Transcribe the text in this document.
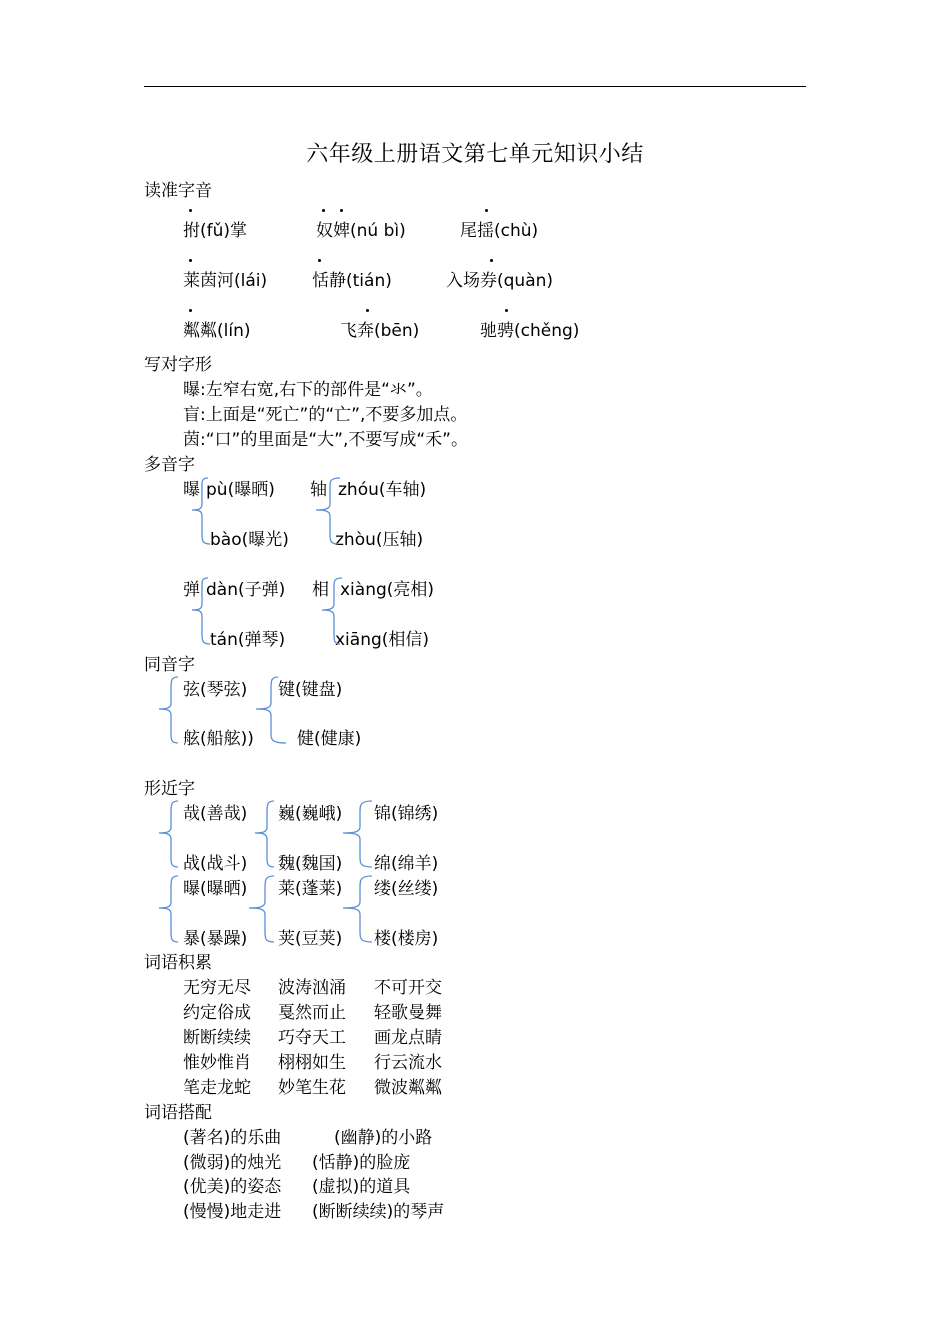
六年级上册语文第七单元知识小结
读准字音
拊(fǔ)掌	奴婢(nú bì)	尾揺(chù)
莱茵河(lái)	恬静(tián)	入场券(quàn)
粼粼(lín)	飞奔(bēn)	驰骋(chěng)
写对字形
曝:左窄右宽,右下的部件是“氺”。
盲:上面是“死亡”的“亡”,不要多加点。
茵:“口”的里面是“大”,不要写成“禾”。
多音字
曝 pù(曝晒)
bào(曝光)
轴 zhóu(车轴)
zhòu(压轴)
弹 dàn(子弹)
tán(弹琴)
相 xiàng(亮相)
xiāng(相信)
同音字
弦(琴弦)
舷(船舷))
键(键盘)
健(健康)
形近字
哉(善哉) 巍(巍峨) 锦(锦绣)
战(战斗) 魏(魏国) 绵(绵羊)
曝(曝晒) 莱(蓬莱) 缕(丝缕)
暴(暴躁) 荚(豆荚) 楼(楼房)
词语积累
无穷无尽 波涛汹涌 不可开交
约定俗成 戛然而止 轻歌曼舞
断断续续 巧夺天工 画龙点睛
惟妙惟肖 栩栩如生 行云流水
笔走龙蛇 妙笔生花 微波粼粼
词语搭配
(著名)的乐曲	(幽静)的小路
(微弱)的烛光 (恬静)的脸庞
(优美)的姿态 (虚拟)的道具
(慢慢)地走进 (断断续续)的琴声
